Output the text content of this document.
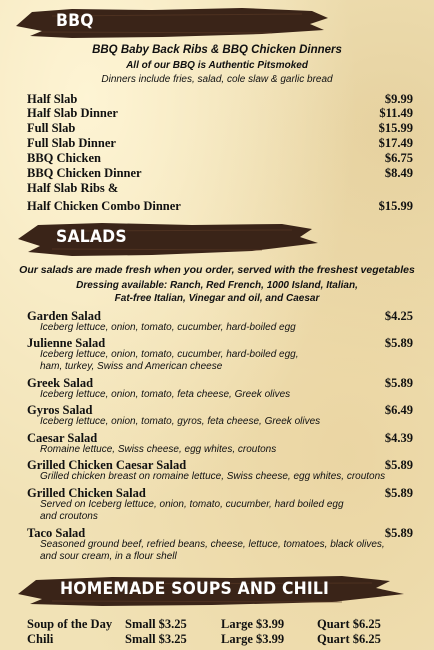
BBQ
BBQ Baby Back Ribs & BBQ Chicken Dinners
All of our BBQ is Authentic Pitsmoked
Dinners include fries, salad, cole slaw & garlic bread
Half Slab	$9.99
Half Slab Dinner	$11.49
Full Slab	$15.99
Full Slab Dinner	$17.49
BBQ Chicken	$6.75
BBQ Chicken Dinner	$8.49
Half Slab Ribs &
Half Chicken Combo Dinner	$15.99
SALADS
Our salads are made fresh when you order, served with the freshest vegetables
Dressing available: Ranch, Red French, 1000 Island, Italian,
Fat-free Italian, Vinegar and oil, and Caesar
Garden Salad	$4.25
Iceberg lettuce, onion, tomato, cucumber, hard-boiled egg
Julienne Salad	$5.89
Iceberg lettuce, onion, tomato, cucumber, hard-boiled egg,
ham, turkey, Swiss and American cheese
Greek Salad	$5.89
Iceberg lettuce, onion, tomato, feta cheese, Greek olives
Gyros Salad	$6.49
Iceberg lettuce, onion, tomato, gyros, feta cheese, Greek olives
Caesar Salad	$4.39
Romaine lettuce, Swiss cheese, egg whites, croutons
Grilled Chicken Caesar Salad	$5.89
Grilled chicken breast on romaine lettuce, Swiss cheese, egg whites, croutons
Grilled Chicken Salad	$5.89
Served on Iceberg lettuce, onion, tomato, cucumber, hard boiled egg
and croutons
Taco Salad	$5.89
Seasoned ground beef, refried beans, cheese, lettuce, tomatoes, black olives,
and sour cream, in a flour shell
HOMEMADE SOUPS AND CHILI
Soup of the Day Small $3.25	Large $3.99	Quart $6.25
Chili	Small $3.25	Large $3.99	Quart $6.25
